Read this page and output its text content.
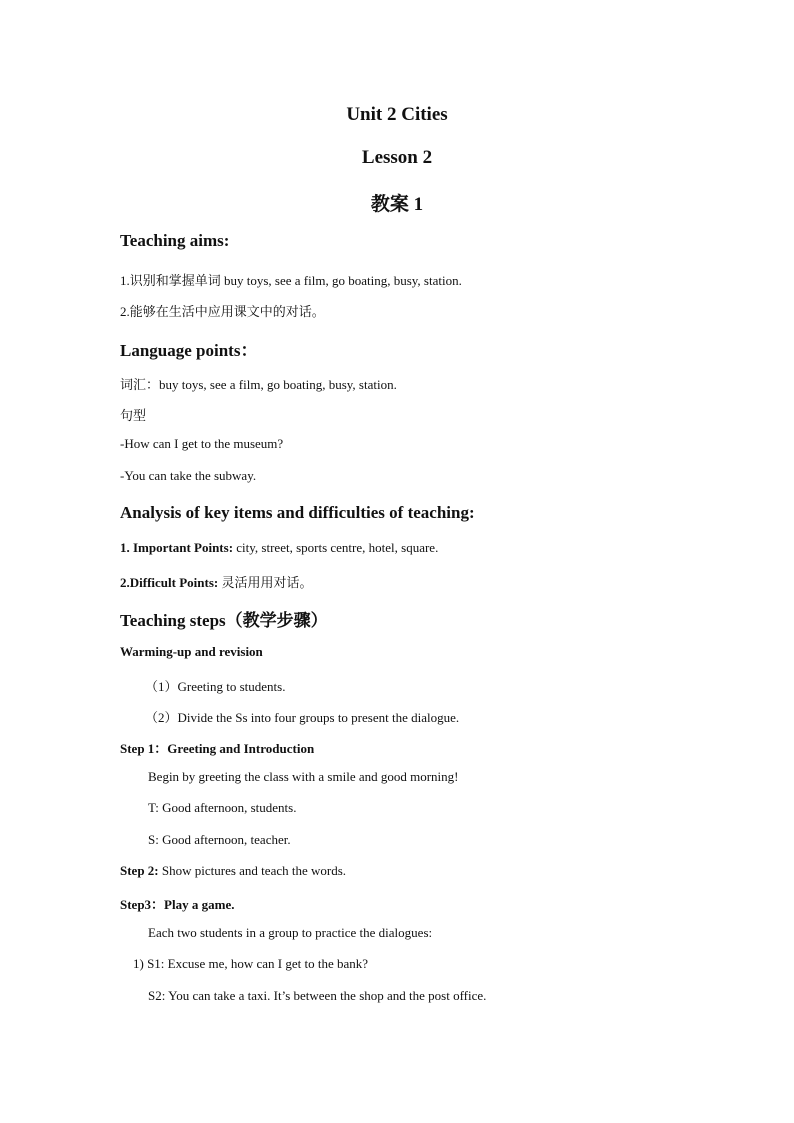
Unit 2 Cities
Lesson 2
教案 1
Teaching aims:
1.识别和掌握单词 buy toys, see a film, go boating, busy, station.
2.能够在生活中应用课文中的对话。
Language points：
词汇：buy toys, see a film, go boating, busy, station.
句型
-How can I get to the museum?
-You can take the subway.
Analysis of key items and difficulties of teaching:
1. Important Points: city, street, sports centre, hotel, square.
2.Difficult Points: 灵活用用对话。
Teaching steps（教学步骤）
Warming-up and revision
（1）Greeting to students.
（2）Divide the Ss into four groups to present the dialogue.
Step 1：Greeting and Introduction
Begin by greeting the class with a smile and good morning!
T: Good afternoon, students.
S: Good afternoon, teacher.
Step 2: Show pictures and teach the words.
Step3：Play a game.
Each two students in a group to practice the dialogues:
1) S1: Excuse me, how can I get to the bank?
S2: You can take a taxi. It’s between the shop and the post office.
